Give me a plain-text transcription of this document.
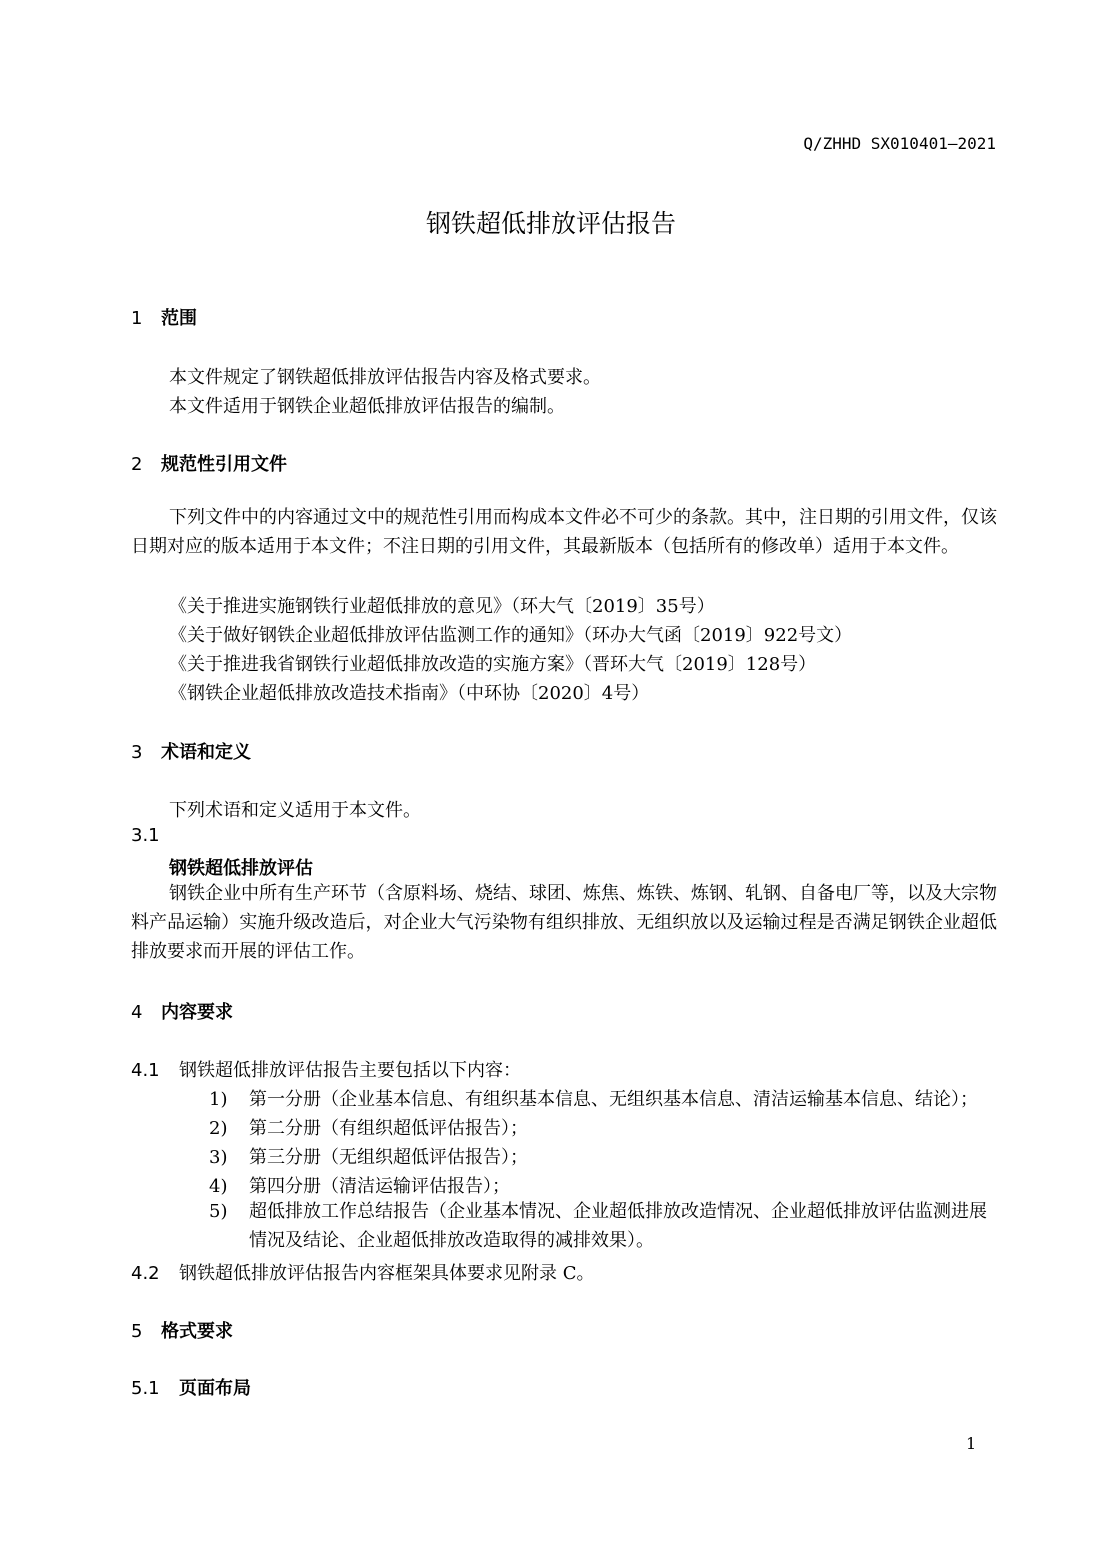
Q/ZHHD SX010401—2021
钢铁超低排放评估报告
1 范围
本文件规定了钢铁超低排放评估报告内容及格式要求。
本文件适用于钢铁企业超低排放评估报告的编制。
2 规范性引用文件
下列文件中的内容通过文中的规范性引用而构成本文件必不可少的条款。其中，注日期的引用文件，仅该日期对应的版本适用于本文件；不注日期的引用文件，其最新版本（包括所有的修改单）适用于本文件。
《关于推进实施钢铁行业超低排放的意见》（环大气〔2019〕35号）
《关于做好钢铁企业超低排放评估监测工作的通知》（环办大气函〔2019〕922号文）
《关于推进我省钢铁行业超低排放改造的实施方案》（晋环大气〔2019〕128号）
《钢铁企业超低排放改造技术指南》（中环协〔2020〕4号）
3 术语和定义
下列术语和定义适用于本文件。
3.1
钢铁超低排放评估
钢铁企业中所有生产环节（含原料场、烧结、球团、炼焦、炼铁、炼钢、轧钢、自备电厂等，以及大宗物料产品运输）实施升级改造后，对企业大气污染物有组织排放、无组织放以及运输过程是否满足钢铁企业超低排放要求而开展的评估工作。
4 内容要求
4.1 钢铁超低排放评估报告主要包括以下内容：
1) 第一分册（企业基本信息、有组织基本信息、无组织基本信息、清洁运输基本信息、结论）；
2) 第二分册（有组织超低评估报告）；
3) 第三分册（无组织超低评估报告）；
4) 第四分册（清洁运输评估报告）；
5) 超低排放工作总结报告（企业基本情况、企业超低排放改造情况、企业超低排放评估监测进展情况及结论、企业超低排放改造取得的减排效果）。
4.2 钢铁超低排放评估报告内容框架具体要求见附录 C。
5 格式要求
5.1 页面布局
1
